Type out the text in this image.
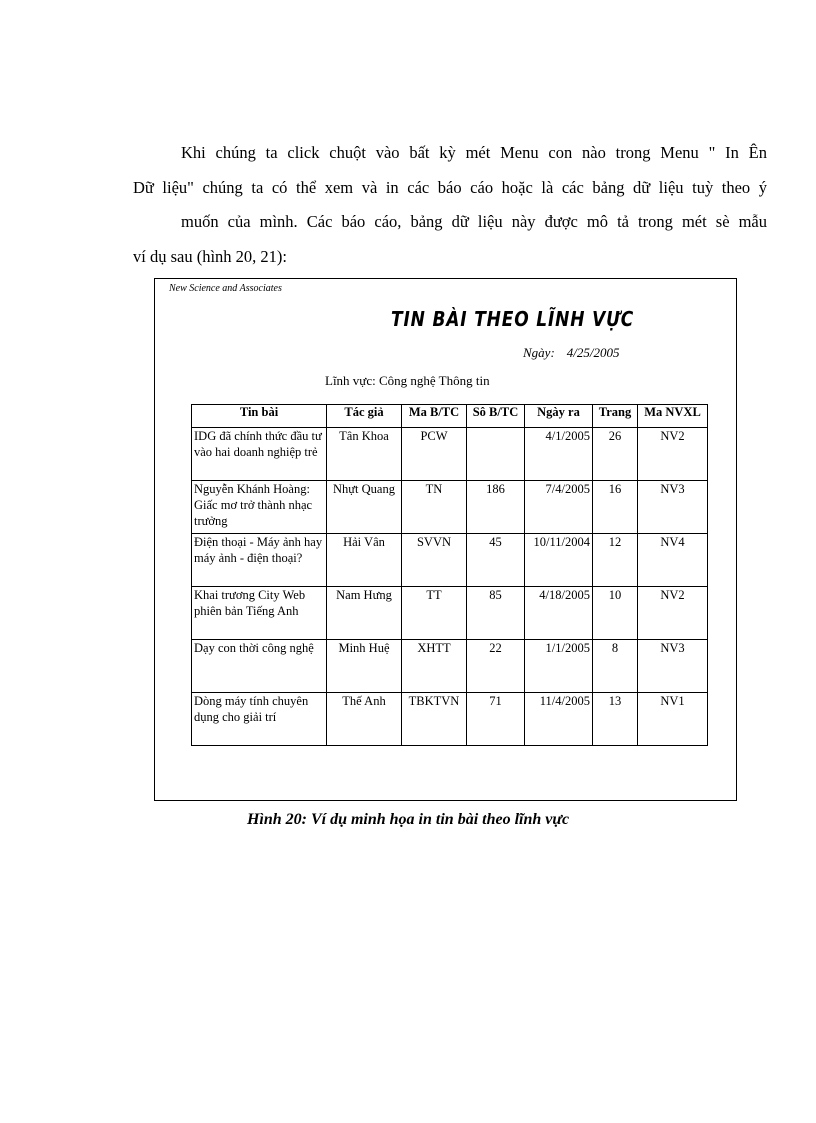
Khi chúng ta click chuột vào bất kỳ mét Menu con nào trong Menu " In Ên

Dữ liệu" chúng ta có thể xem và in các báo cáo hoặc là các bảng dữ liệu tuỳ theo ý

muốn của mình. Các báo cáo, bảng dữ liệu này được mô tả trong mét sè mẫu

ví dụ sau (hình 20, 21):

New Science and Associates
TIN BÀI THEO LĨNH VỰC
Ngày: 4/25/2005
Lĩnh vực: Công nghệ Thông tin
Tin bài	Tác giả	Ma B/TC	Sô B/TC	Ngày ra	Trang	Ma NVXL
IDG đã chính thức đầu tư vào hai doanh nghiệp trẻ	Tân Khoa	PCW		4/1/2005	26	NV2
Nguyễn Khánh Hoàng: Giấc mơ trở thành nhạc trưởng	Nhựt Quang	TN	186	7/4/2005	16	NV3
Điện thoại - Máy ảnh hay máy ảnh - điện thoại?	Hải Vân	SVVN	45	10/11/2004	12	NV4
Khai trương City Web phiên bản Tiếng Anh	Nam Hưng	TT	85	4/18/2005	10	NV2
Dạy con thời công nghệ	Minh Huệ	XHTT	22	1/1/2005	8	NV3
Dòng máy tính chuyên dụng cho giải trí	Thế Anh	TBKTVN	71	11/4/2005	13	NV1
Hình 20: Ví dụ minh họa in tin bài theo lĩnh vực
